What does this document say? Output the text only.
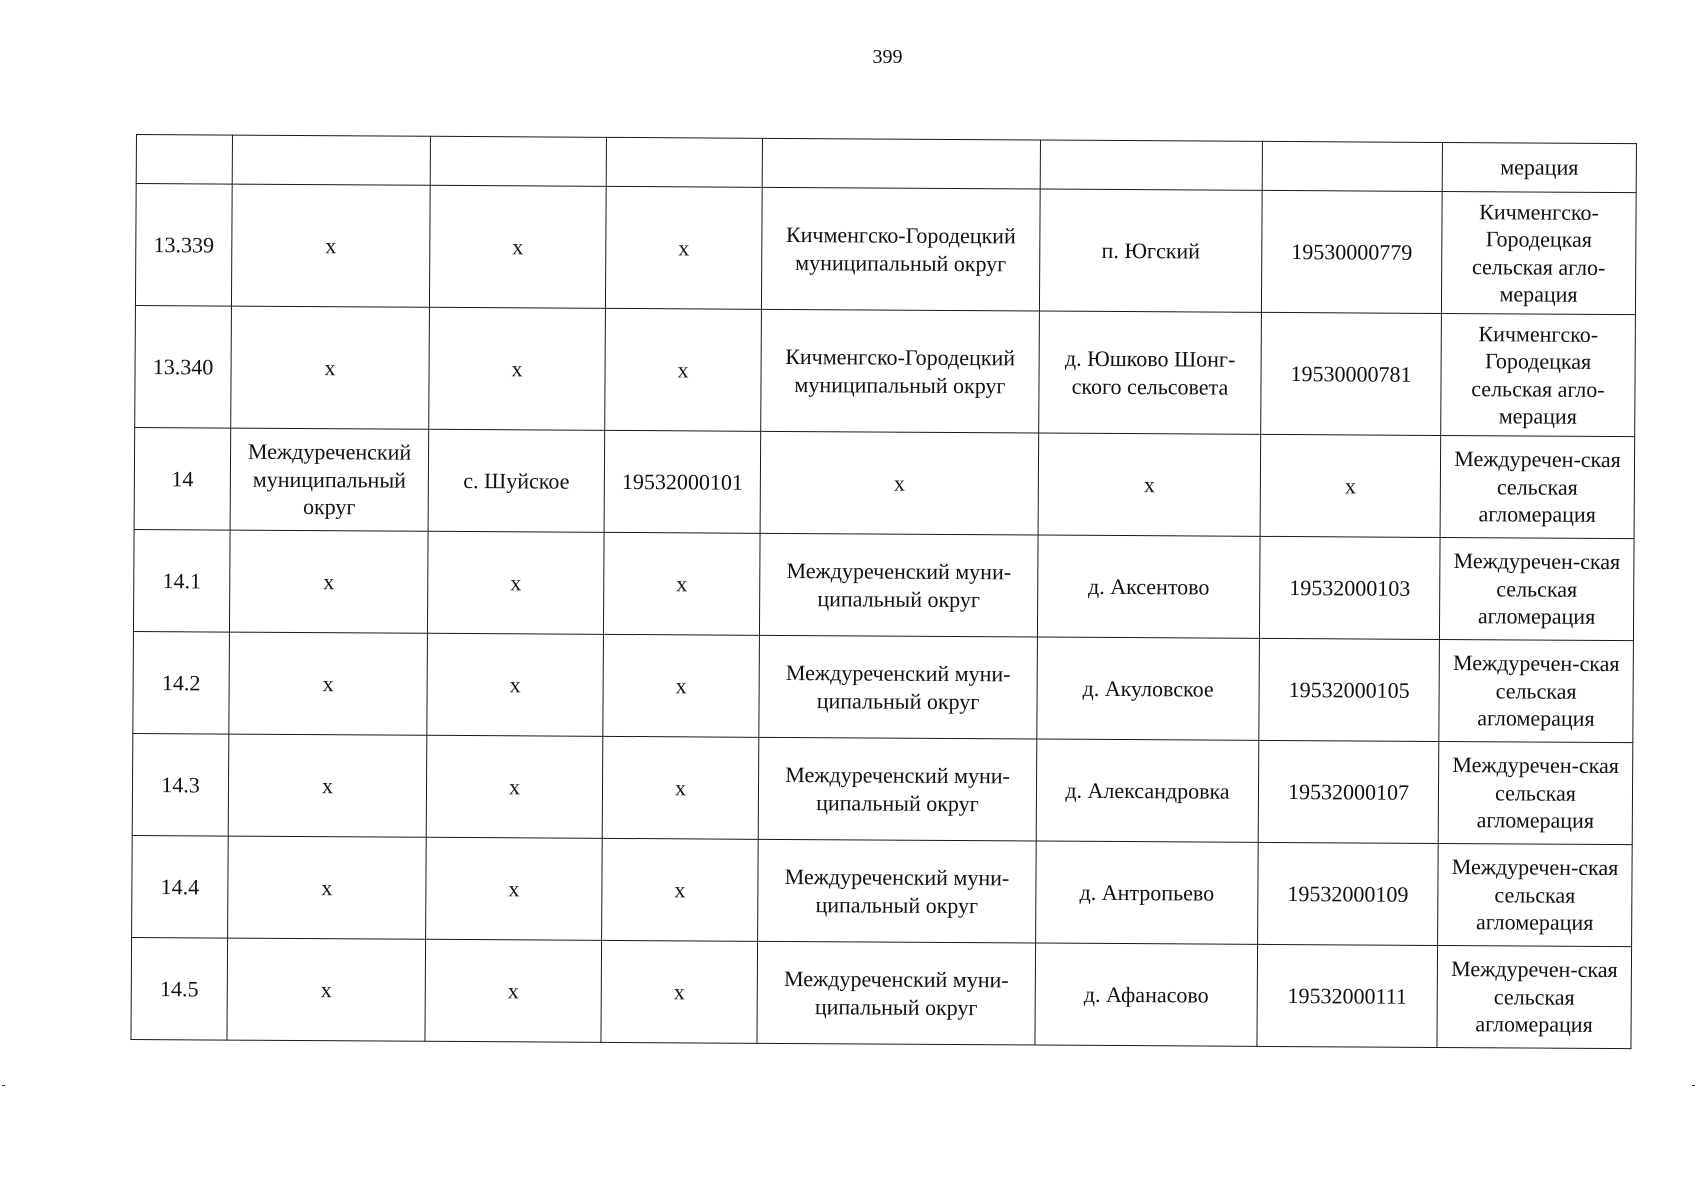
399
							мерация
13.339	х	х	х	Кичменгско-Городецкий муниципальный округ	п. Югский	19530000779	Кичменгско-Городецкая сельская агло-мерация
13.340	х	х	х	Кичменгско-Городецкий муниципальный округ	д. Юшково Шонг-ского сельсовета	19530000781	Кичменгско-Городецкая сельская агло-мерация
14	Междуреченский муниципальный округ	с. Шуйское	19532000101	х	х	х	Междуречен-ская сельская агломерация
14.1	х	х	х	Междуреченский муни-ципальный округ	д. Аксентово	19532000103	Междуречен-ская сельская агломерация
14.2	х	х	х	Междуреченский муни-ципальный округ	д. Акуловское	19532000105	Междуречен-ская сельская агломерация
14.3	х	х	х	Междуреченский муни-ципальный округ	д. Александровка	19532000107	Междуречен-ская сельская агломерация
14.4	х	х	х	Междуреченский муни-ципальный округ	д. Антропьево	19532000109	Междуречен-ская сельская агломерация
14.5	х	х	х	Междуреченский муни-ципальный округ	д. Афанасово	19532000111	Междуречен-ская сельская агломерация
